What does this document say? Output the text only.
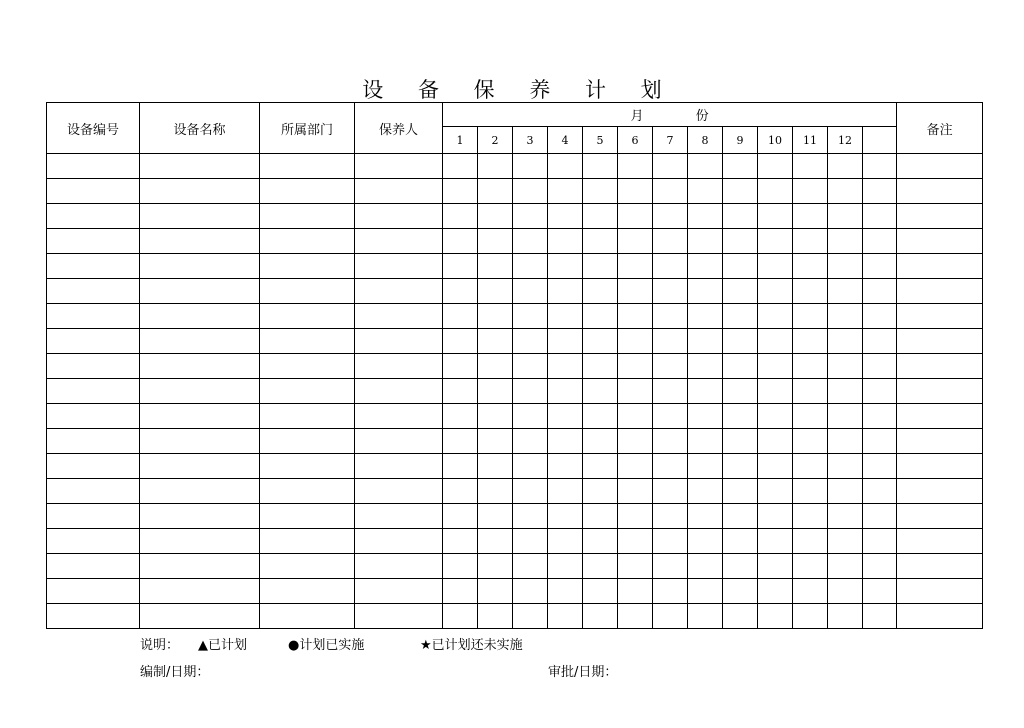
设 备 保 养 计 划
设备编号	设备名称	所属部门	保养人	月 份													备注
				1	2	3	4	5	6	7	8	9	10	11	12		

说明： ▲已计划	●计划已实施	★已计划还未实施
编制/日期：	审批/日期：
